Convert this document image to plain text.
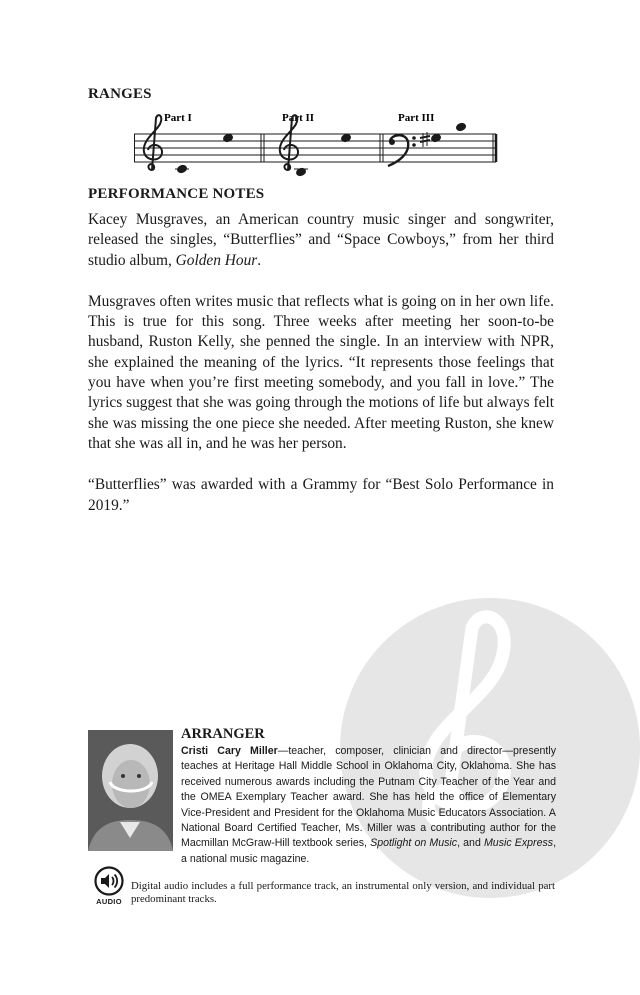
RANGES
Part I	Part II	Part III
PERFORMANCE NOTES

Kacey Musgraves, an American country music singer and songwriter, released the singles, “Butterflies” and “Space Cowboys,” from her third studio album, Golden Hour.

Musgraves often writes music that reflects what is going on in her own life. This is true for this song. Three weeks after meeting her soon-to-be husband, Ruston Kelly, she penned the single. In an interview with NPR, she explained the meaning of the lyrics. “It represents those feelings that you have when you’re first meeting somebody, and you fall in love.” The lyrics suggest that she was going through the motions of life but always felt she was missing the one piece she needed. After meeting Ruston, she knew that she was all in, and he was her person.

“Butterflies” was awarded with a Grammy for “Best Solo Performance in 2019.”

ARRANGER
Cristi Cary Miller—teacher, composer, clinician and director—presently teaches at Heritage Hall Middle School in Oklahoma City, Oklahoma. She has received numerous awards including the Putnam City Teacher of the Year and the OMEA Exemplary Teacher award. She has held the office of Elementary Vice-President and President for the Oklahoma Music Educators Association. A National Board Certified Teacher, Ms. Miller was a contributing author for the Macmillan McGraw-Hill textbook series, Spotlight on Music, and Music Express, a national music magazine.
AUDIO
Digital audio includes a full performance track, an instrumental only version, and individual part predominant tracks.
